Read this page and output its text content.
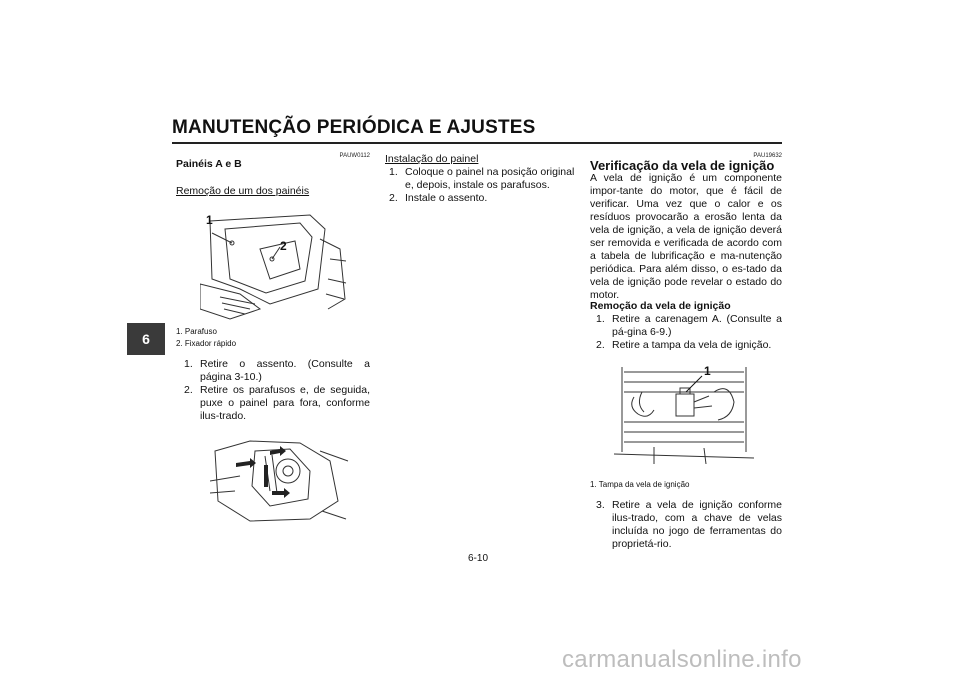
MANUTENÇÃO PERIÓDICA E AJUSTES
6
PAUW0112
Painéis A e B
Remoção de um dos painéis
1
2
1. Parafuso
2. Fixador rápido
1. Retire o assento. (Consulte a página 3-10.)
2. Retire os parafusos e, de seguida, puxe o painel para fora, conforme ilus-trado.
Instalação do painel
1. Coloque o painel na posição original e, depois, instale os parafusos.
2. Instale o assento.
PAU19632
Verificação da vela de ignição
A vela de ignição é um componente impor-tante do motor, que é fácil de verificar. Uma vez que o calor e os resíduos provocarão a erosão lenta da vela de ignição, a vela de ignição deverá ser removida e verificada de acordo com a tabela de lubrificação e ma-nutenção periódica. Para além disso, o es-tado da vela de ignição pode revelar o estado do motor.
Remoção da vela de ignição
1. Retire a carenagem A. (Consulte a pá-gina 6-9.)
2. Retire a tampa da vela de ignição.
1
1. Tampa da vela de ignição
3. Retire a vela de ignição conforme ilus-trado, com a chave de velas incluída no jogo de ferramentas do proprietá-rio.
6-10
carmanualsonline.info
